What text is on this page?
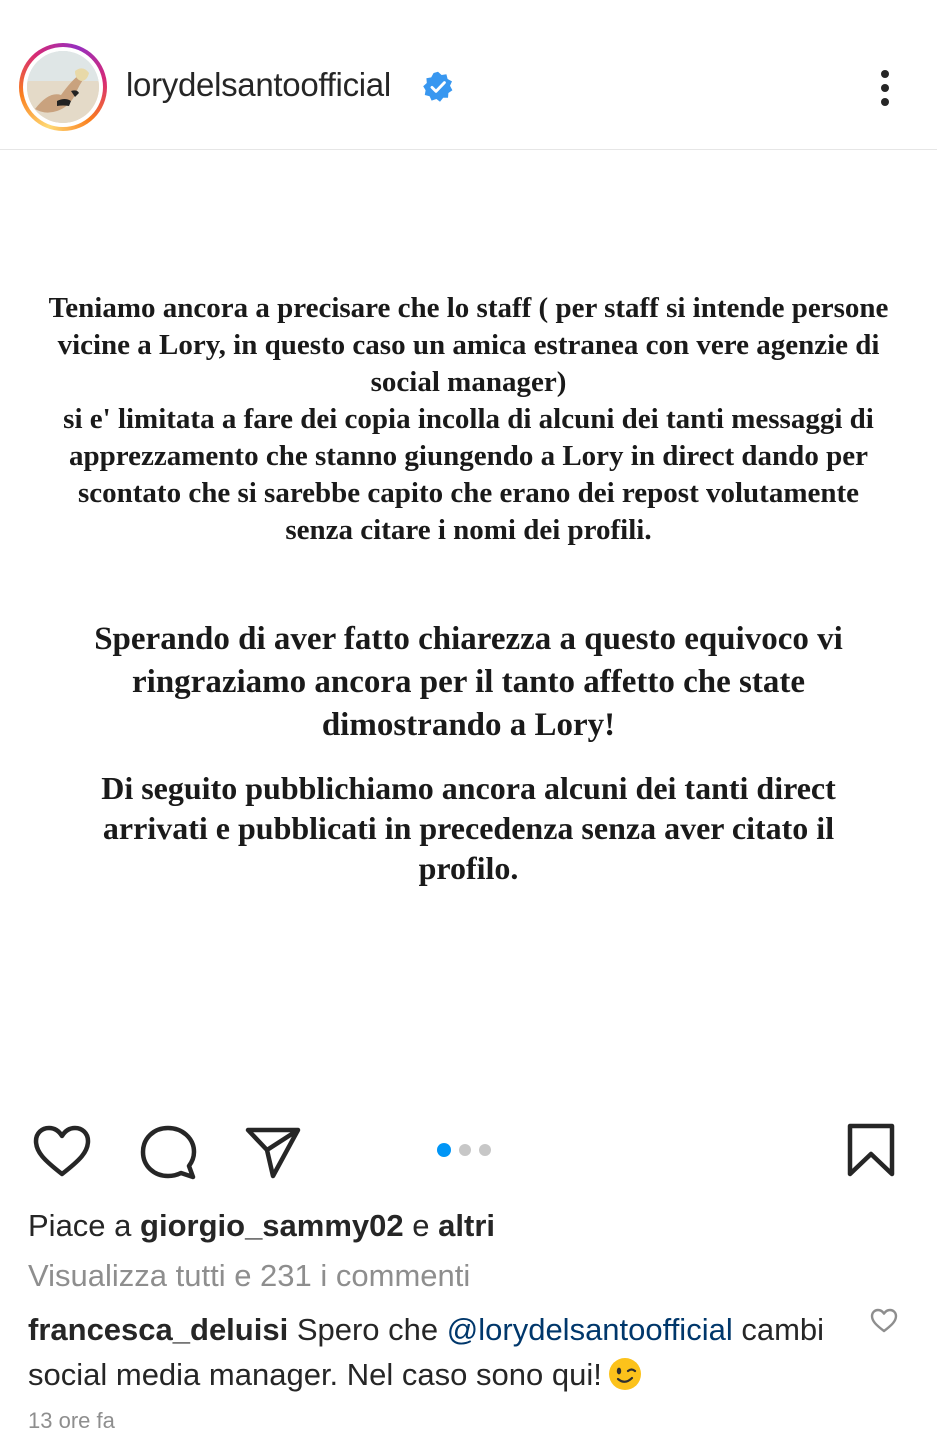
lorydelsantoofficial
Teniamo ancora a precisare che lo staff ( per staff si intende persone
vicine a Lory, in questo caso un amica estranea con vere agenzie di
social manager)
si e' limitata a fare dei copia incolla di alcuni dei tanti messaggi di
apprezzamento che stanno giungendo a Lory in direct dando per
scontato che si sarebbe capito che erano dei repost volutamente
senza citare i nomi dei profili.
Sperando di aver fatto chiarezza a questo equivoco vi
ringraziamo ancora per il tanto affetto che state
dimostrando a Lory!
Di seguito pubblichiamo ancora alcuni dei tanti direct
arrivati e pubblicati in precedenza senza aver citato il
profilo.
Piace a giorgio_sammy02 e altri
Visualizza tutti e 231 i commenti
francesca_deluisi Spero che @lorydelsantoofficial cambi social media manager. Nel caso sono qui!
13 ore fa
